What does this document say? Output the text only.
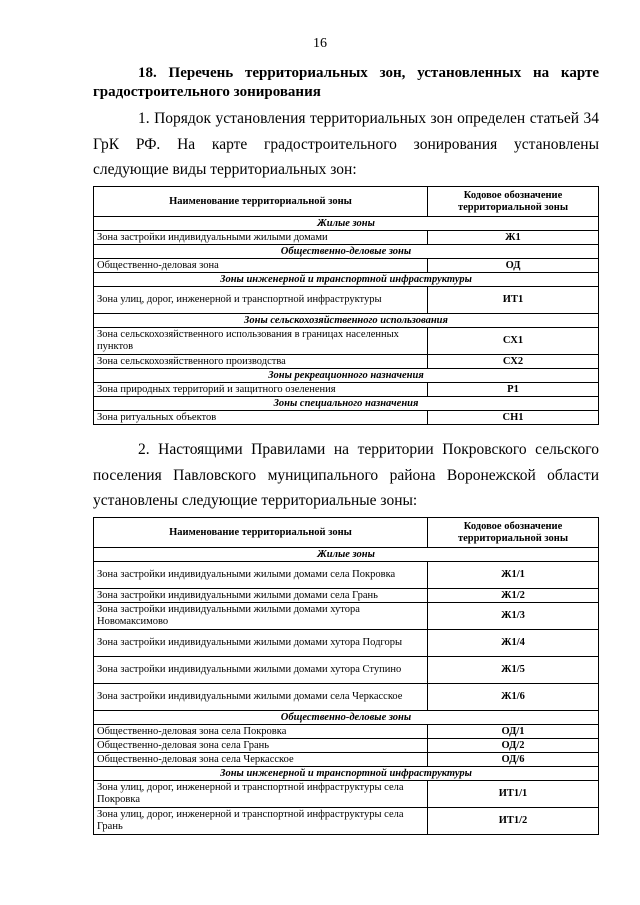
16
18. Перечень территориальных зон, установленных на карте градостроительного зонирования
1. Порядок установления территориальных зон определен статьей 34 ГрК РФ. На карте градостроительного зонирования установлены следующие виды территориальных зон:
Наименование территориальной зоны	Кодовое обозначение территориальной зоны
Жилые зоны	
Зона застройки индивидуальными жилыми домами	Ж1
Общественно-деловые зоны	
Общественно-деловая зона	ОД
Зоны инженерной и транспортной инфраструктуры	
Зона улиц, дорог, инженерной и транспортной инфраструктуры	ИТ1
Зоны сельскохозяйственного использования	
Зона сельскохозяйственного использования в границах населенных пунктов	СХ1
Зона сельскохозяйственного производства	СХ2
Зоны рекреационного назначения	
Зона природных территорий и защитного озеленения	Р1
Зоны специального назначения	
Зона ритуальных объектов	СН1
2. Настоящими Правилами на территории Покровского сельского поселения Павловского муниципального района Воронежской области установлены следующие территориальные зоны:
Наименование территориальной зоны	Кодовое обозначение территориальной зоны
Жилые зоны	
Зона застройки индивидуальными жилыми домами села Покровка	Ж1/1
Зона застройки индивидуальными жилыми домами села Грань	Ж1/2
Зона застройки индивидуальными жилыми домами хутора Новомаксимово	Ж1/3
Зона застройки индивидуальными жилыми домами хутора Подгоры	Ж1/4
Зона застройки индивидуальными жилыми домами хутора Ступино	Ж1/5
Зона застройки индивидуальными жилыми домами села Черкасское	Ж1/6
Общественно-деловые зоны	
Общественно-деловая зона села Покровка	ОД/1
Общественно-деловая зона села Грань	ОД/2
Общественно-деловая зона села Черкасское	ОД/6
Зоны инженерной и транспортной инфраструктуры	
Зона улиц, дорог, инженерной и транспортной инфраструктуры села Покровка	ИТ1/1
Зона улиц, дорог, инженерной и транспортной инфраструктуры села Грань	ИТ1/2
